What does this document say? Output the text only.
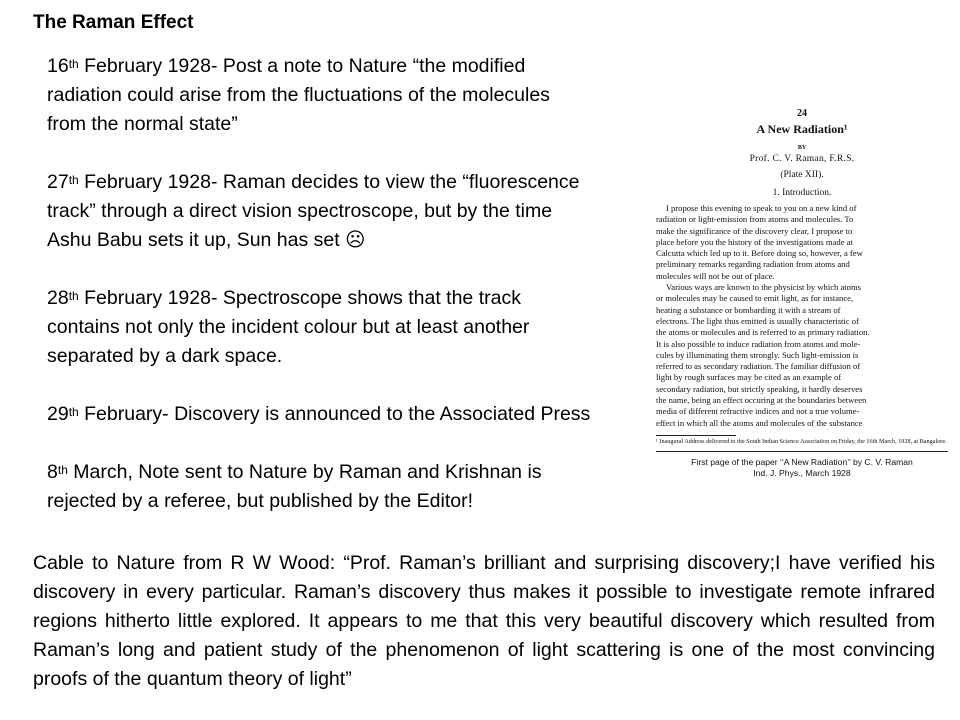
The Raman Effect
16th February 1928- Post a note to Nature “the modified
radiation could arise from the fluctuations of the molecules
from the normal state”
27th February 1928- Raman decides to view the “fluorescence
track” through a direct vision spectroscope, but by the time
Ashu Babu sets it up, Sun has set ☹
28th February 1928- Spectroscope shows that the track
contains not only the incident colour but at least another
separated by a dark space.
29th February- Discovery is announced to the Associated Press
8th March, Note sent to Nature by Raman and Krishnan is
rejected by a referee, but published by the Editor!
24
A New Radiation¹
BY
Prof. C. V. Raman, F.R.S.
(Plate XII).
1. Introduction.
I propose this evening to speak to you on a new kind of
radiation or light-emission from atoms and molecules. To
make the significance of the discovery clear, I propose to
place before you the history of the investigations made at
Calcutta which led up to it. Before doing so, however, a few
preliminary remarks regarding radiation from atoms and
molecules will not be out of place.
Various ways are known to the physicist by which atoms
or molecules may be caused to emit light, as for instance,
heating a substance or bombarding it with a stream of
electrons. The light thus emitted is usually characteristic of
the atoms or molecules and is referred to as primary radiation.
It is also possible to induce radiation from atoms and mole-
cules by illuminating them strongly. Such light-emission is
referred to as secondary radiation. The familiar diffusion of
light by rough surfaces may be cited as an example of
secondary radiation, but strictly speaking, it hardly deserves
the name, being an effect occuring at the boundaries between
media of different refractive indices and not a true volume-
effect in which all the atoms and molecules of the substance
¹ Inaugural Address delivered to the South Indian Science Association on Friday, the 16th March, 1928, at Bangalore.
First page of the paper ‘‘A New Radiation’’ by C. V. Raman
Ind. J. Phys., March 1928
Cable to Nature from R W Wood: “Prof. Raman’s brilliant and surprising discovery;I have verified his discovery in every particular. Raman’s discovery thus makes it possible to investigate remote infrared regions hitherto little explored. It appears to me that this very beautiful discovery which resulted from Raman’s long and patient study of the phenomenon of light scattering is one of the most convincing proofs of the quantum theory of light”
